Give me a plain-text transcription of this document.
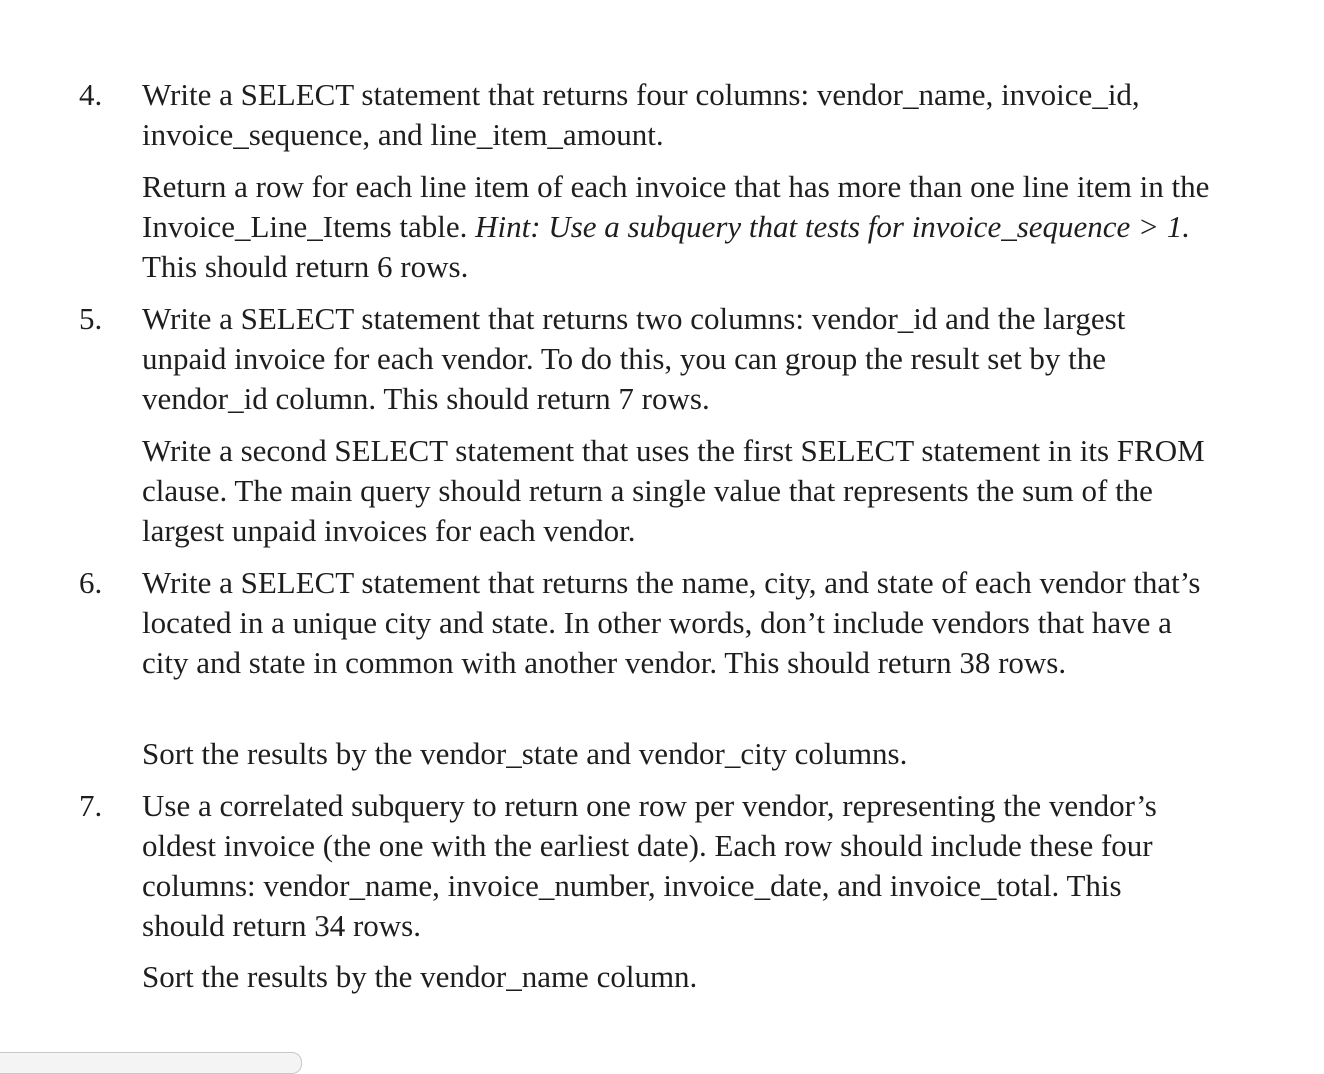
4. Write a SELECT statement that returns four columns: vendor_name, invoice_id, invoice_sequence, and line_item_amount.

Return a row for each line item of each invoice that has more than one line item in the Invoice_Line_Items table. Hint: Use a subquery that tests for invoice_sequence > 1. This should return 6 rows.

5. Write a SELECT statement that returns two columns: vendor_id and the largest unpaid invoice for each vendor. To do this, you can group the result set by the vendor_id column. This should return 7 rows.

Write a second SELECT statement that uses the first SELECT statement in its FROM clause. The main query should return a single value that represents the sum of the largest unpaid invoices for each vendor.

6. Write a SELECT statement that returns the name, city, and state of each vendor that’s located in a unique city and state. In other words, don’t include vendors that have a city and state in common with another vendor. This should return 38 rows.

Sort the results by the vendor_state and vendor_city columns.

7. Use a correlated subquery to return one row per vendor, representing the vendor’s oldest invoice (the one with the earliest date). Each row should include these four columns: vendor_name, invoice_number, invoice_date, and invoice_total. This should return 34 rows.

Sort the results by the vendor_name column.
